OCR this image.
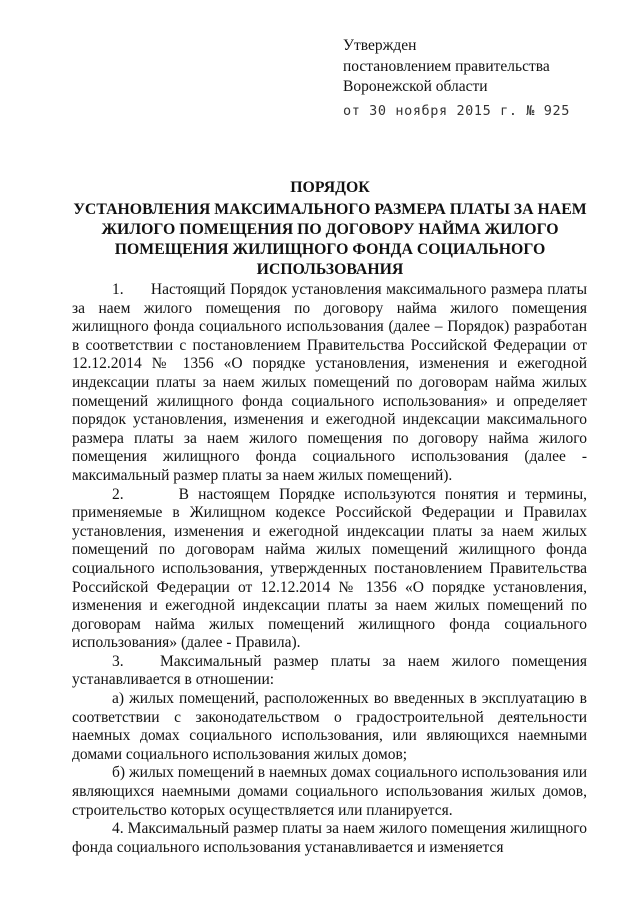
Утвержден
постановлением правительства
Воронежской области
от 30 ноября 2015 г. № 925
ПОРЯДОК
УСТАНОВЛЕНИЯ МАКСИМАЛЬНОГО РАЗМЕРА ПЛАТЫ ЗА НАЕМ ЖИЛОГО ПОМЕЩЕНИЯ ПО ДОГОВОРУ НАЙМА ЖИЛОГО ПОМЕЩЕНИЯ ЖИЛИЩНОГО ФОНДА СОЦИАЛЬНОГО ИСПОЛЬЗОВАНИЯ

1.      Настоящий Порядок установления максимального размера платы за наем жилого помещения по договору найма жилого помещения жилищного фонда социального использования (далее – Порядок) разработан в соответствии с постановлением Правительства Российской Федерации от 12.12.2014 № 1356 «О порядке установления, изменения и ежегодной индексации платы за наем жилых помещений по договорам найма жилых помещений жилищного фонда социального использования» и определяет порядок установления, изменения и ежегодной индексации максимального размера платы за наем жилого помещения по договору найма жилого помещения жилищного фонда социального использования (далее - максимальный размер платы за наем жилых помещений).

2.      В настоящем Порядке используются понятия и термины, применяемые в Жилищном кодексе Российской Федерации и Правилах установления, изменения и ежегодной индексации платы за наем жилых помещений по договорам найма жилых помещений жилищного фонда социального использования, утвержденных постановлением Правительства Российской Федерации от 12.12.2014 № 1356 «О порядке установления, изменения и ежегодной индексации платы за наем жилых помещений по договорам найма жилых помещений жилищного фонда социального использования» (далее - Правила).

3.   Максимальный размер платы за наем жилого помещения устанавливается в отношении:

а) жилых помещений, расположенных во введенных в эксплуатацию в соответствии с законодательством о градостроительной деятельности наемных домах социального использования, или являющихся наемными домами социального использования жилых домов;

б) жилых помещений в наемных домах социального использования или являющихся наемными домами социального использования жилых домов, строительство которых осуществляется или планируется.

4. Максимальный размер платы за наем жилого помещения жилищного фонда социального использования устанавливается и изменяется
